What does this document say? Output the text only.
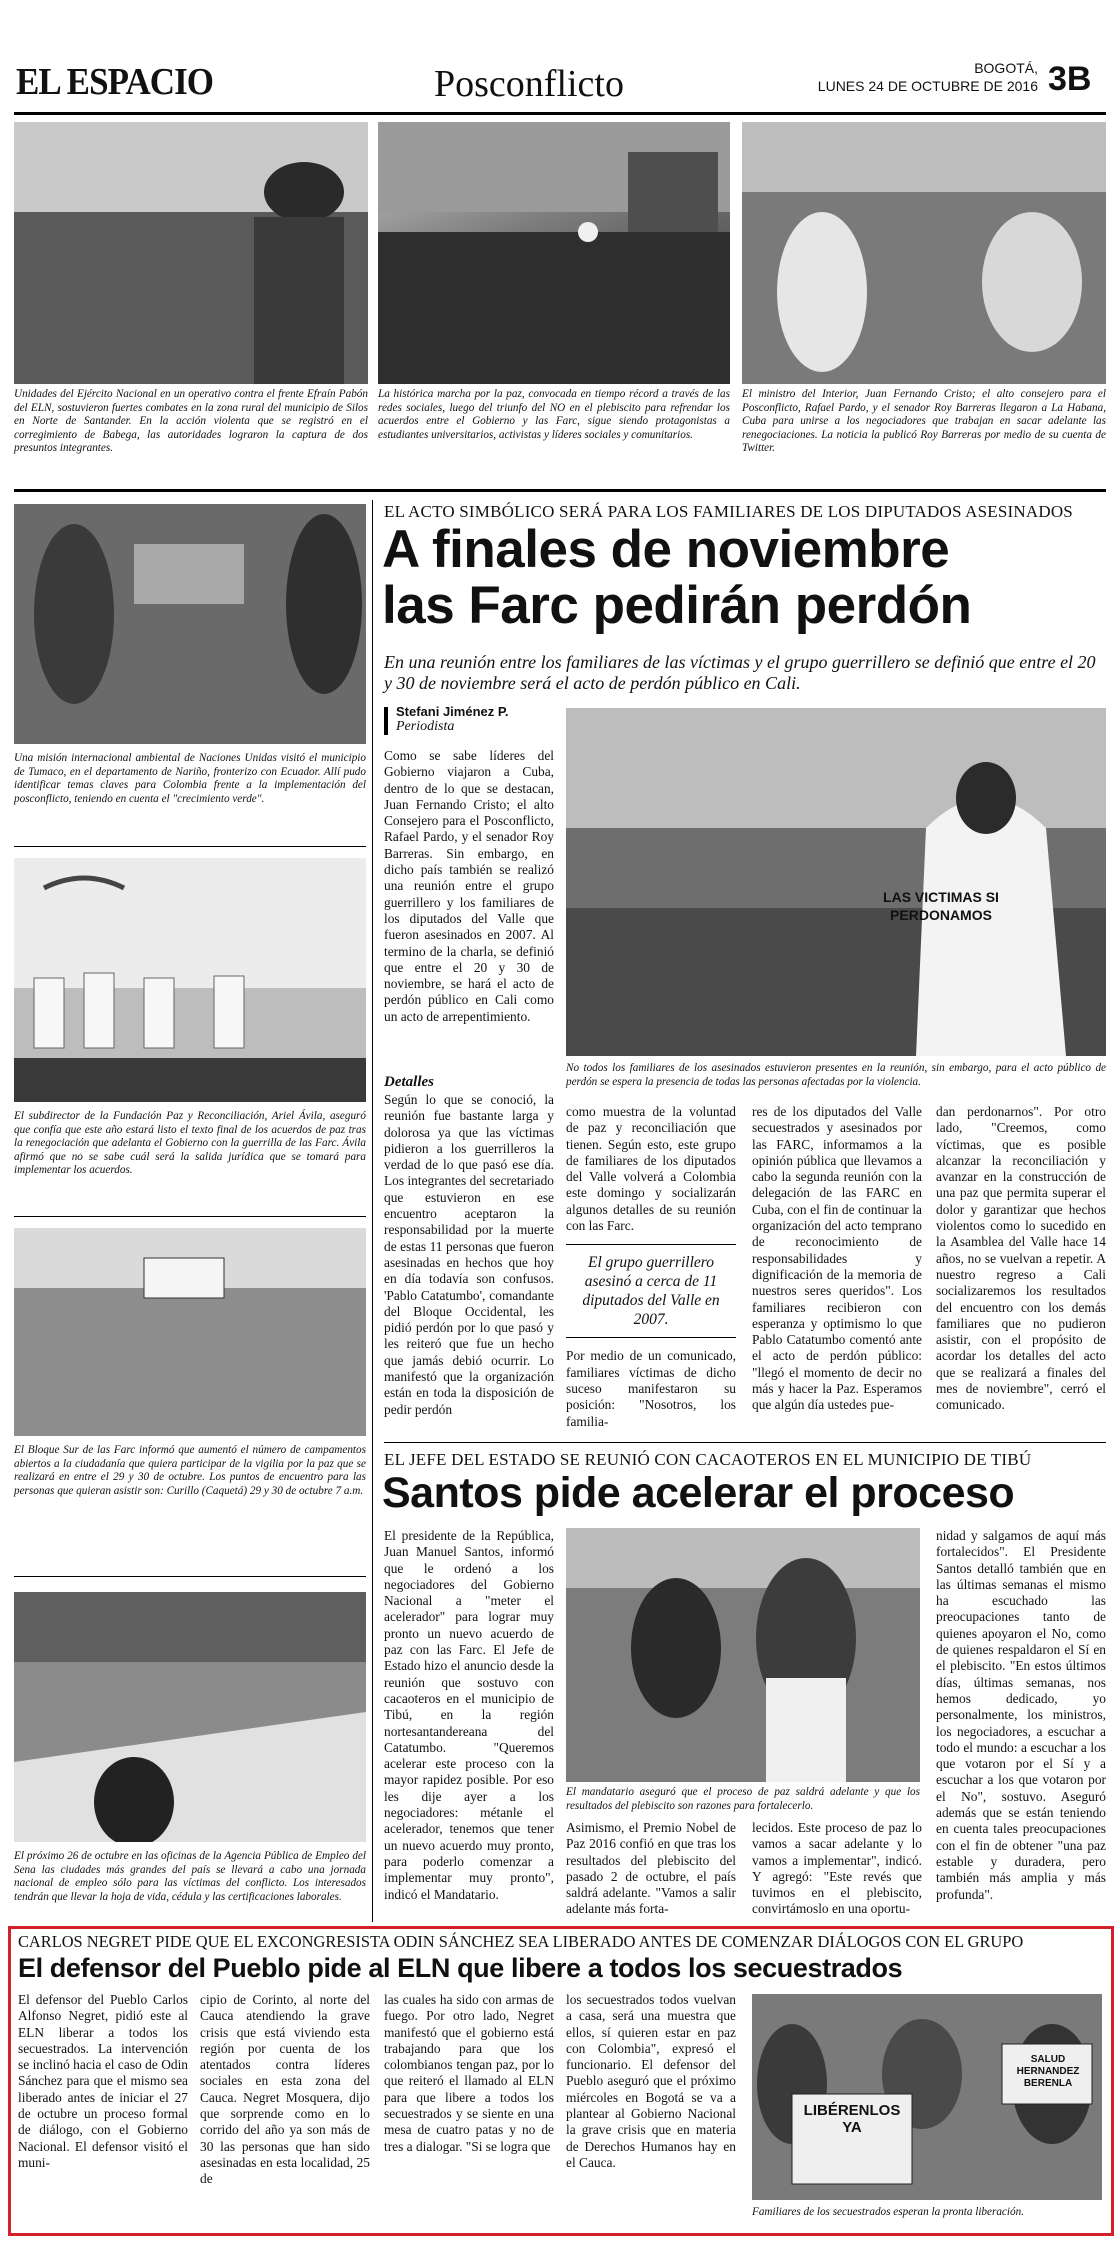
EL ESPACIO	Posconflicto	BOGOTÁ,
LUNES 24 DE OCTUBRE DE 2016 3B

Unidades del Ejército Nacional en un operativo contra el frente Efraín Pabón del ELN, sostuvieron fuertes combates en la zona rural del municipio de Silos en Norte de Santander. En la acción violenta que se registró en el corregimiento de Babega, las autoridades lograron la captura de dos presuntos integrantes.

La histórica marcha por la paz, convocada en tiempo récord a través de las redes sociales, luego del triunfo del NO en el plebiscito para refrendar los acuerdos entre el Gobierno y las Farc, sigue siendo protagonistas a estudiantes universitarios, activistas y líderes sociales y comunitarios.

El ministro del Interior, Juan Fernando Cristo; el alto consejero para el Posconflicto, Rafael Pardo, y el senador Roy Barreras llegaron a La Habana, Cuba para unirse a los negociadores que trabajan en sacar adelante las renegociaciones. La noticia la publicó Roy Barreras por medio de su cuenta de Twitter.

Una misión internacional ambiental de Naciones Unidas visitó el municipio de Tumaco, en el departamento de Nariño, fronterizo con Ecuador. Allí pudo identificar temas claves para Colombia frente a la implementación del posconflicto, teniendo en cuenta el "crecimiento verde".

El subdirector de la Fundación Paz y Reconciliación, Ariel Ávila, aseguró que confía que este año estará listo el texto final de los acuerdos de paz tras la renegociación que adelanta el Gobierno con la guerrilla de las Farc. Ávila afirmó que no se sabe cuál será la salida jurídica que se tomará para implementar los acuerdos.

El Bloque Sur de las Farc informó que aumentó el número de campamentos abiertos a la ciudadanía que quiera participar de la vigilia por la paz que se realizará en entre el 29 y 30 de octubre. Los puntos de encuentro para las personas que quieran asistir son: Curillo (Caquetá) 29 y 30 de octubre 7 a.m.

El próximo 26 de octubre en las oficinas de la Agencia Pública de Empleo del Sena las ciudades más grandes del país se llevará a cabo una jornada nacional de empleo sólo para las víctimas del conflicto. Los interesados tendrán que llevar la hoja de vida, cédula y las certificaciones laborales.

EL ACTO SIMBÓLICO SERÁ PARA LOS FAMILIARES DE LOS DIPUTADOS ASESINADOS
A finales de noviembre
las Farc pedirán perdón

En una reunión entre los familiares de las víctimas y el grupo guerrillero se definió que entre el 20 y 30 de noviembre será el acto de perdón público en Cali.

Stefani Jiménez P.
Periodista

Como se sabe líderes del Gobierno viajaron a Cuba, dentro de lo que se destacan, Juan Fernando Cristo; el alto Consejero para el Posconflicto, Rafael Pardo, y el senador Roy Barreras. Sin embargo, en dicho país también se realizó una reunión entre el grupo guerrillero y los familiares de los diputados del Valle que fueron asesinados en 2007. Al termino de la charla, se definió que entre el 20 y 30 de noviembre, se hará el acto de perdón público en Cali como un acto de arrepentimiento.

LAS VICTIMAS SI PERDONAMOS

No todos los familiares de los asesinados estuvieron presentes en la reunión, sin embargo, para el acto público de perdón se espera la presencia de todas las personas afectadas por la violencia.

Detalles

Según lo que se conoció, la reunión fue bastante larga y dolorosa ya que las víctimas pidieron a los guerrilleros la verdad de lo que pasó ese día. Los integrantes del secretariado que estuvieron en ese encuentro aceptaron la responsabilidad por la muerte de estas 11 personas que fueron asesinadas en hechos que hoy en día todavía son confusos. 'Pablo Catatumbo', comandante del Bloque Occidental, les pidió perdón por lo que pasó y les reiteró que fue un hecho que jamás debió ocurrir. Lo manifestó que la organización están en toda la disposición de pedir perdón

como muestra de la voluntad de paz y reconciliación que tienen. Según esto, este grupo de familiares de los diputados del Valle volverá a Colombia este domingo y socializarán algunos detalles de su reunión con las Farc.

El grupo guerrillero asesinó a cerca de 11 diputados del Valle en 2007.

Por medio de un comunicado, familiares víctimas de dicho suceso manifestaron su posición: "Nosotros, los familia-

res de los diputados del Valle secuestrados y asesinados por las FARC, informamos a la opinión pública que llevamos a cabo la segunda reunión con la delegación de las FARC en Cuba, con el fin de continuar la organización del acto temprano de reconocimiento de responsabilidades y dignificación de la memoria de nuestros seres queridos". Los familiares recibieron con esperanza y optimismo lo que Pablo Catatumbo comentó ante el acto de perdón público: "llegó el momento de decir no más y hacer la Paz. Esperamos que algún día ustedes pue-

dan perdonarnos". Por otro lado, "Creemos, como víctimas, que es posible alcanzar la reconciliación y avanzar en la construcción de una paz que permita superar el dolor y garantizar que hechos violentos como lo sucedido en la Asamblea del Valle hace 14 años, no se vuelvan a repetir. A nuestro regreso a Cali socializaremos los resultados del encuentro con los demás familiares que no pudieron asistir, con el propósito de acordar los detalles del acto que se realizará a finales del mes de noviembre", cerró el comunicado.

EL JEFE DEL ESTADO SE REUNIÓ CON CACAOTEROS EN EL MUNICIPIO DE TIBÚ
Santos pide acelerar el proceso

El presidente de la República, Juan Manuel Santos, informó que le ordenó a los negociadores del Gobierno Nacional a "meter el acelerador" para lograr muy pronto un nuevo acuerdo de paz con las Farc. El Jefe de Estado hizo el anuncio desde la reunión que sostuvo con cacaoteros en el municipio de Tibú, en la región nortesantandereana del Catatumbo. "Queremos acelerar este proceso con la mayor rapidez posible. Por eso les dije ayer a los negociadores: métanle el acelerador, tenemos que tener un nuevo acuerdo muy pronto, para poderlo comenzar a implementar muy pronto", indicó el Mandatario.

El mandatario aseguró que el proceso de paz saldrá adelante y que los resultados del plebiscito son razones para fortalecerlo.

Asimismo, el Premio Nobel de Paz 2016 confió en que tras los resultados del plebiscito del pasado 2 de octubre, el país saldrá adelante. "Vamos a salir adelante más forta-

lecidos. Este proceso de paz lo vamos a sacar adelante y lo vamos a implementar", indicó. Y agregó: "Este revés que tuvimos en el plebiscito, convirtámoslo en una oportu-

nidad y salgamos de aquí más fortalecidos". El Presidente Santos detalló también que en las últimas semanas el mismo ha escuchado las preocupaciones tanto de quienes apoyaron el No, como de quienes respaldaron el Sí en el plebiscito. "En estos últimos días, últimas semanas, nos hemos dedicado, yo personalmente, los ministros, los negociadores, a escuchar a todo el mundo: a escuchar a los que votaron por el Sí y a escuchar a los que votaron por el No", sostuvo. Aseguró además que se están teniendo en cuenta tales preocupaciones con el fin de obtener "una paz estable y duradera, pero también más amplia y más profunda".

CARLOS NEGRET PIDE QUE EL EXCONGRESISTA ODIN SÁNCHEZ SEA LIBERADO ANTES DE COMENZAR DIÁLOGOS CON EL GRUPO
El defensor del Pueblo pide al ELN que libere a todos los secuestrados

El defensor del Pueblo Carlos Alfonso Negret, pidió este al ELN liberar a todos los secuestrados. La intervención se inclinó hacia el caso de Odin Sánchez para que el mismo sea liberado antes de iniciar el 27 de octubre un proceso formal de diálogo, con el Gobierno Nacional. El defensor visitó el muni-

cipio de Corinto, al norte del Cauca atendiendo la grave crisis que está viviendo esta región por cuenta de los atentados contra líderes sociales en esta zona del Cauca. Negret Mosquera, dijo que sorprende como en lo corrido del año ya son más de 30 las personas que han sido asesinadas en esta localidad, 25 de

las cuales ha sido con armas de fuego. Por otro lado, Negret manifestó que el gobierno está trabajando para que los colombianos tengan paz, por lo que reiteró el llamado al ELN para que libere a todos los secuestrados y se siente en una mesa de cuatro patas y no de tres a dialogar. "Si se logra que

los secuestrados todos vuelvan a casa, será una muestra que ellos, sí quieren estar en paz con Colombia", expresó el funcionario. El defensor del Pueblo aseguró que el próximo miércoles en Bogotá se va a plantear al Gobierno Nacional la grave crisis que en materia de Derechos Humanos hay en el Cauca.

LIBÉRENLOS YA
SALUD HERNANDEZ BERENLA

Familiares de los secuestrados esperan la pronta liberación.
